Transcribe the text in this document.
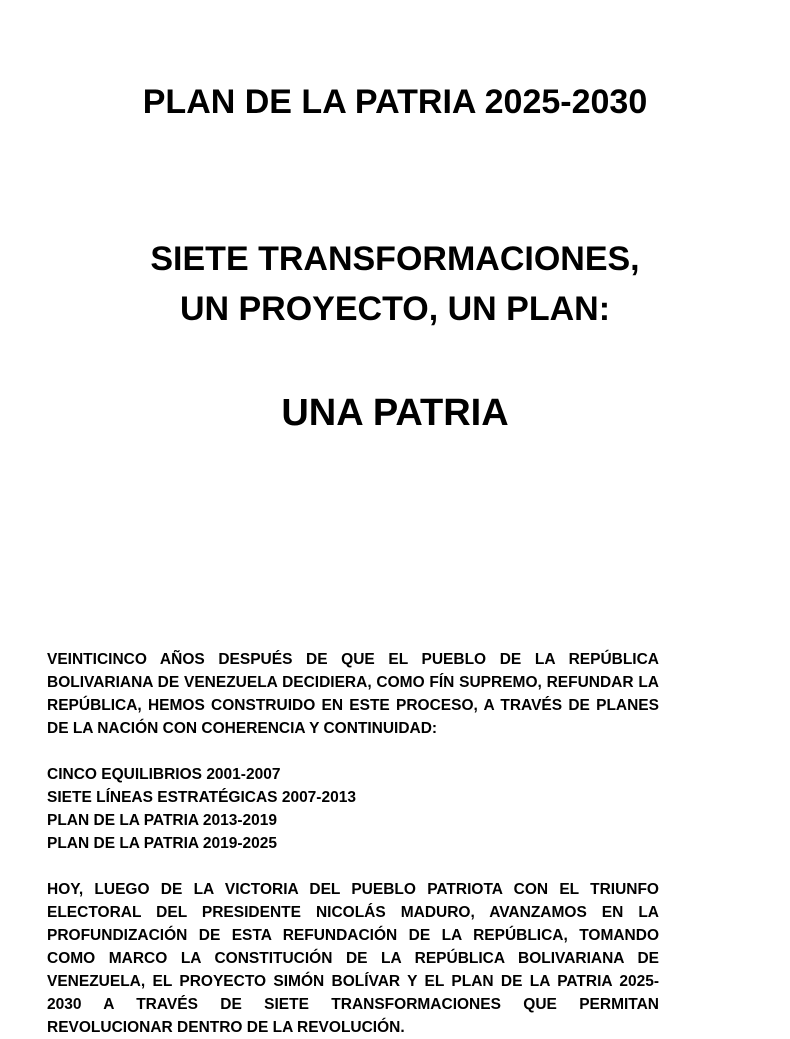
PLAN DE LA PATRIA 2025-2030
SIETE TRANSFORMACIONES,
UN PROYECTO, UN PLAN:
UNA PATRIA

VEINTICINCO AÑOS DESPUÉS DE QUE EL PUEBLO DE LA REPÚBLICA BOLIVARIANA DE VENEZUELA DECIDIERA, COMO FÍN SUPREMO, REFUNDAR LA REPÚBLICA, HEMOS CONSTRUIDO EN ESTE PROCESO, A TRAVÉS DE PLANES DE LA NACIÓN CON COHERENCIA Y CONTINUIDAD:

CINCO EQUILIBRIOS 2001-2007
SIETE LÍNEAS ESTRATÉGICAS 2007-2013
PLAN DE LA PATRIA 2013-2019
PLAN DE LA PATRIA 2019-2025

HOY, LUEGO DE LA VICTORIA DEL PUEBLO PATRIOTA CON EL TRIUNFO ELECTORAL DEL PRESIDENTE NICOLÁS MADURO, AVANZAMOS EN LA PROFUNDIZACIÓN DE ESTA REFUNDACIÓN DE LA REPÚBLICA, TOMANDO COMO MARCO LA CONSTITUCIÓN DE LA REPÚBLICA BOLIVARIANA DE VENEZUELA, EL PROYECTO SIMÓN BOLÍVAR Y EL PLAN DE LA PATRIA 2025-2030 A TRAVÉS DE SIETE TRANSFORMACIONES QUE PERMITAN REVOLUCIONAR DENTRO DE LA REVOLUCIÓN.
